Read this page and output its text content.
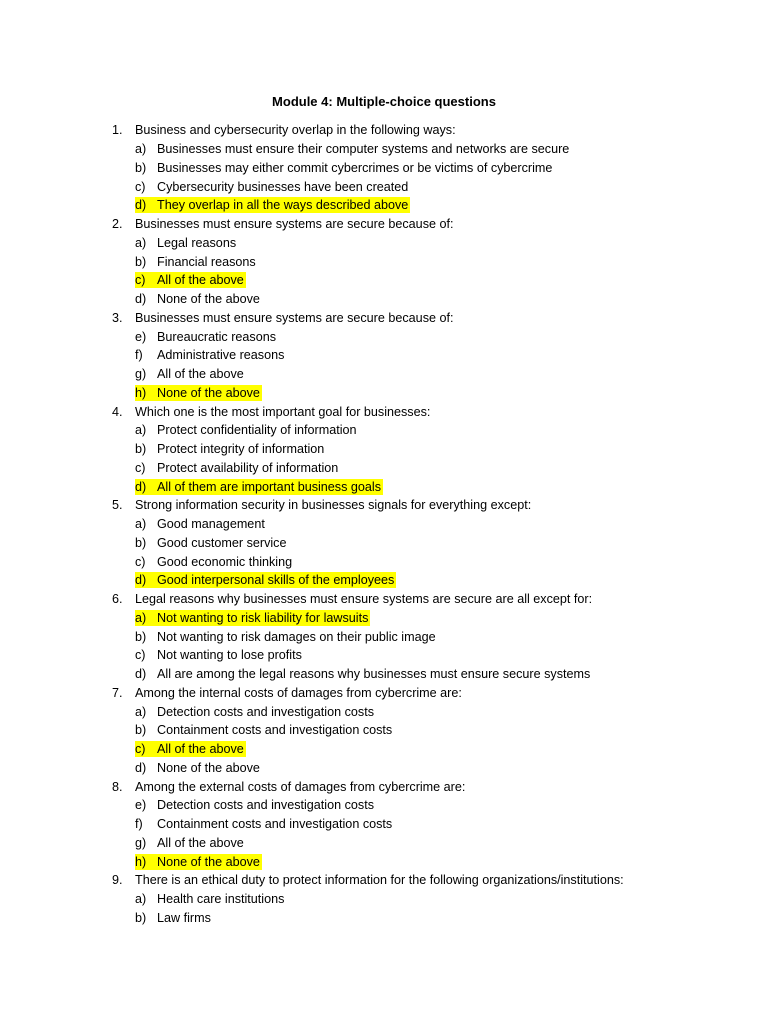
Module 4: Multiple-choice questions
1. Business and cybersecurity overlap in the following ways:
a) Businesses must ensure their computer systems and networks are secure
b) Businesses may either commit cybercrimes or be victims of cybercrime
c) Cybersecurity businesses have been created
d) They overlap in all the ways described above
2. Businesses must ensure systems are secure because of:
a) Legal reasons
b) Financial reasons
c) All of the above
d) None of the above
3. Businesses must ensure systems are secure because of:
e) Bureaucratic reasons
f)	Administrative reasons
g) All of the above
h) None of the above
4. Which one is the most important goal for businesses:
a) Protect confidentiality of information
b) Protect integrity of information
c) Protect availability of information
d) All of them are important business goals
5. Strong information security in businesses signals for everything except:
a) Good management
b) Good customer service
c) Good economic thinking
d) Good interpersonal skills of the employees
6. Legal reasons why businesses must ensure systems are secure are all except for:
a) Not wanting to risk liability for lawsuits
b) Not wanting to risk damages on their public image
c) Not wanting to lose profits
d) All are among the legal reasons why businesses must ensure secure systems
7. Among the internal costs of damages from cybercrime are:
a) Detection costs and investigation costs
b) Containment costs and investigation costs
c) All of the above
d) None of the above
8. Among the external costs of damages from cybercrime are:
e) Detection costs and investigation costs
f)	Containment costs and investigation costs
g) All of the above
h) None of the above
9. There is an ethical duty to protect information for the following organizations/institutions:
a) Health care institutions
b) Law firms
